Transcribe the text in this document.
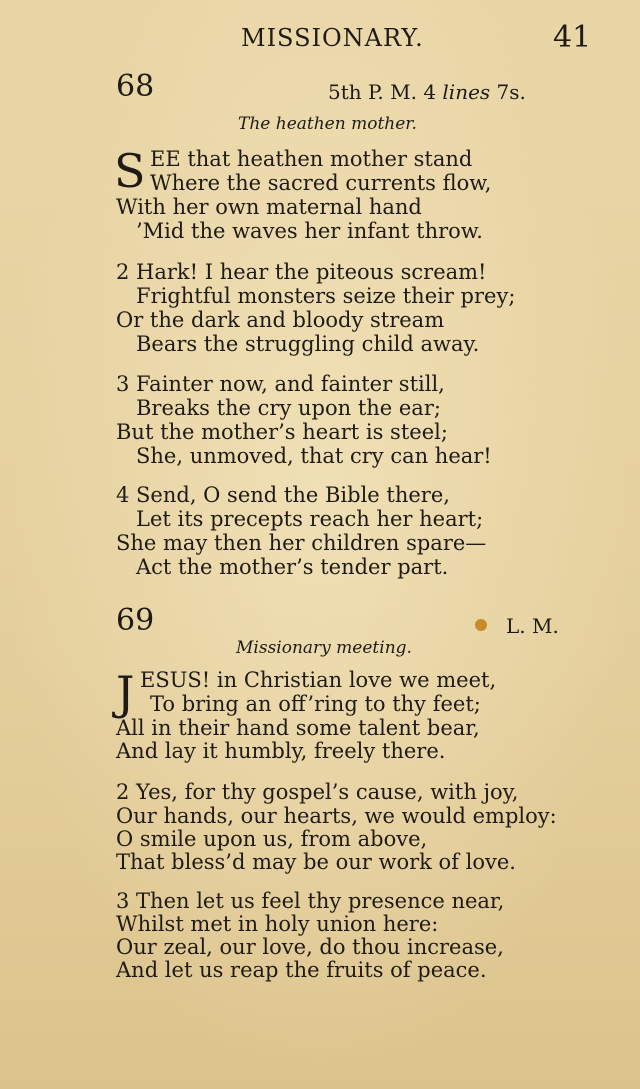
MISSIONARY.	41
68	5th P. M. 4 lines 7s.
The heathen mother.
S EE that heathen mother stand
Where the sacred currents flow,
With her own maternal hand
’Mid the waves her infant throw.
2 Hark! I hear the piteous scream!
Frightful monsters seize their prey;
Or the dark and bloody stream
Bears the struggling child away.
3 Fainter now, and fainter still,
Breaks the cry upon the ear;
But the mother’s heart is steel;
She, unmoved, that cry can hear!
4 Send, O send the Bible there,
Let its precepts reach her heart;
She may then her children spare—
Act the mother’s tender part.
69	L. M.
Missionary meeting.
J ESUS! in Christian love we meet,
To bring an off’ring to thy feet;
All in their hand some talent bear,
And lay it humbly, freely there.
2 Yes, for thy gospel’s cause, with joy,
Our hands, our hearts, we would employ:
O smile upon us, from above,
That bless’d may be our work of love.
3 Then let us feel thy presence near,
Whilst met in holy union here:
Our zeal, our love, do thou increase,
And let us reap the fruits of peace.
